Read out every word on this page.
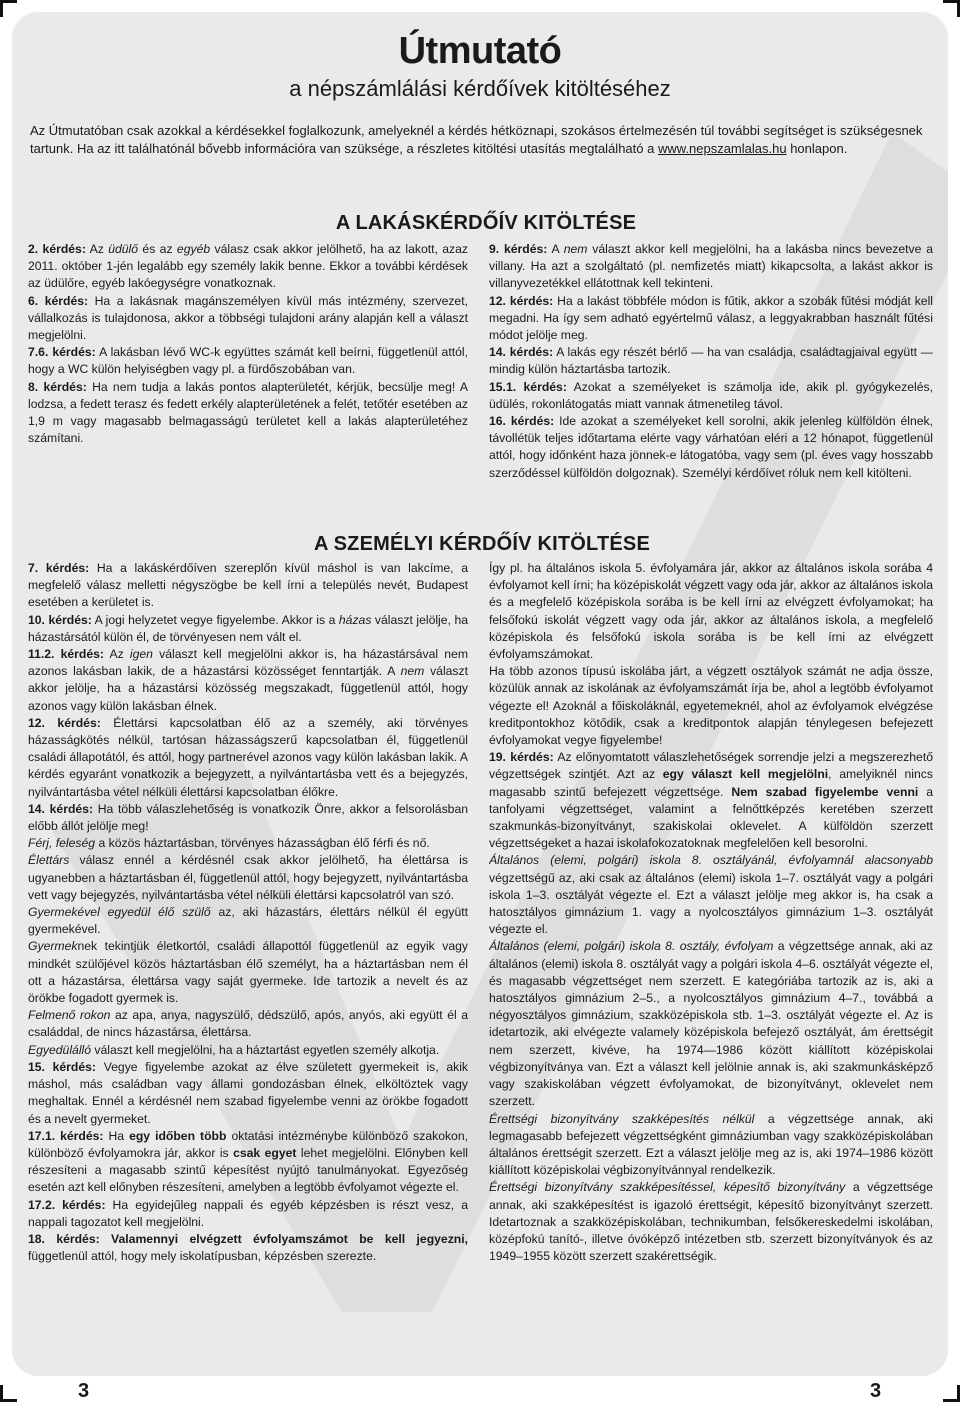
Útmutató
a népszámlálási kérdőívek kitöltéséhez
Az Útmutatóban csak azokkal a kérdésekkel foglalkozunk, amelyeknél a kérdés hétköznapi, szokásos értelmezésén túl további segítséget is szükségesnek tartunk. Ha az itt találhatónál bővebb információra van szüksége, a részletes kitöltési utasítás megtalálható a www.nepszamlalas.hu honlapon.
A LAKÁSKÉRDŐÍV KITÖLTÉSE

2. kérdés: Az üdülő és az egyéb válasz csak akkor jelölhető, ha az lakott, azaz 2011. október 1-jén legalább egy személy lakik benne. Ekkor a további kérdések az üdülőre, egyéb lakóegységre vonatkoznak.

6. kérdés: Ha a lakásnak magánszemélyen kívül más intézmény, szervezet, vállalkozás is tulajdonosa, akkor a többségi tulajdoni arány alapján kell a választ megjelölni.

7.6. kérdés: A lakásban lévő WC-k együttes számát kell beírni, függetlenül attól, hogy a WC külön helyiségben vagy pl. a fürdőszobában van.

8. kérdés: Ha nem tudja a lakás pontos alapterületét, kérjük, becsülje meg! A lodzsa, a fedett terasz és fedett erkély alapterületének a felét, tetőtér esetében az 1,9 m vagy magasabb belmagasságú területet kell a lakás alapterületéhez számítani.

9. kérdés: A nem választ akkor kell megjelölni, ha a lakásba nincs bevezetve a villany. Ha azt a szolgáltató (pl. nemfizetés miatt) kikapcsolta, a lakást akkor is villanyvezetékkel ellátottnak kell tekinteni.

12. kérdés: Ha a lakást többféle módon is fűtik, akkor a szobák fűtési módját kell megadni. Ha így sem adható egyértelmű válasz, a leggyakrabban használt fűtési módot jelölje meg.

14. kérdés: A lakás egy részét bérlő — ha van családja, családtagjaival együtt — mindig külön háztartásba tartozik.

15.1. kérdés: Azokat a személyeket is számolja ide, akik pl. gyógykezelés, üdülés, rokonlátogatás miatt vannak átmenetileg távol.

16. kérdés: Ide azokat a személyeket kell sorolni, akik jelenleg külföldön élnek, távollétük teljes időtartama elérte vagy várhatóan eléri a 12 hónapot, függetlenül attól, hogy időnként haza jönnek-e látogatóba, vagy sem (pl. éves vagy hosszabb szerződéssel külföldön dolgoznak). Személyi kérdőívet róluk nem kell kitölteni.

A SZEMÉLYI KÉRDŐÍV KITÖLTÉSE

7. kérdés: Ha a lakáskérdőíven szereplőn kívül máshol is van lakcíme, a megfelelő válasz melletti négyszögbe be kell írni a település nevét, Budapest esetében a kerületet is.

10. kérdés: A jogi helyzetet vegye figyelembe. Akkor is a házas választ jelölje, ha házastársától külön él, de törvényesen nem vált el.

11.2. kérdés: Az igen választ kell megjelölni akkor is, ha házastársával nem azonos lakásban lakik, de a házastársi közösséget fenntartják. A nem választ akkor jelölje, ha a házastársi közösség megszakadt, függetlenül attól, hogy azonos vagy külön lakásban élnek.

12. kérdés: Élettársi kapcsolatban élő az a személy, aki törvényes házasságkötés nélkül, tartósan házasságszerű kapcsolatban él, függetlenül családi állapotától, és attól, hogy partnerével azonos vagy külön lakásban lakik. A kérdés egyaránt vonatkozik a bejegyzett, a nyilvántartásba vett és a bejegyzés, nyilvántartásba vétel nélküli élettársi kapcsolatban élőkre.

14. kérdés: Ha több válaszlehetőség is vonatkozik Önre, akkor a felsorolásban előbb állót jelölje meg!

Férj, feleség a közös háztartásban, törvényes házasságban élő férfi és nő.

Élettárs válasz ennél a kérdésnél csak akkor jelölhető, ha élettársa is ugyanebben a háztartásban él, függetlenül attól, hogy bejegyzett, nyilvántartásba vett vagy bejegyzés, nyilvántartásba vétel nélküli élettársi kapcsolatról van szó.

Gyermekével egyedül élő szülő az, aki házastárs, élettárs nélkül él együtt gyermekével.

Gyermeknek tekintjük életkortól, családi állapottól függetlenül az egyik vagy mindkét szülőjével közös háztartásban élő személyt, ha a háztartásban nem él ott a házastársa, élettársa vagy saját gyermeke. Ide tartozik a nevelt és az örökbe fogadott gyermek is.

Felmenő rokon az apa, anya, nagyszülő, dédszülő, após, anyós, aki együtt él a családdal, de nincs házastársa, élettársa.

Egyedülálló választ kell megjelölni, ha a háztartást egyetlen személy alkotja.

15. kérdés: Vegye figyelembe azokat az élve született gyermekeit is, akik máshol, más családban vagy állami gondozásban élnek, elköltöztek vagy meghaltak. Ennél a kérdésnél nem szabad figyelembe venni az örökbe fogadott és a nevelt gyermeket.

17.1. kérdés: Ha egy időben több oktatási intézménybe különböző szakokon, különböző évfolyamokra jár, akkor is csak egyet lehet megjelölni. Előnyben kell részesíteni a magasabb szintű képesítést nyújtó tanulmányokat. Egyezőség esetén azt kell előnyben részesíteni, amelyben a legtöbb évfolyamot végezte el.

17.2. kérdés: Ha egyidejűleg nappali és egyéb képzésben is részt vesz, a nappali tagozatot kell megjelölni.

18. kérdés: Valamennyi elvégzett évfolyamszámot be kell jegyezni, függetlenül attól, hogy mely iskolatípusban, képzésben szerezte.

Így pl. ha általános iskola 5. évfolyamára jár, akkor az általános iskola sorába 4 évfolyamot kell írni; ha középiskolát végzett vagy oda jár, akkor az általános iskola és a megfelelő középiskola sorába is be kell írni az elvégzett évfolyamokat; ha felsőfokú iskolát végzett vagy oda jár, akkor az általános iskola, a megfelelő középiskola és felsőfokú iskola sorába is be kell írni az elvégzett évfolyamszámokat.

Ha több azonos típusú iskolába járt, a végzett osztályok számát ne adja össze, közülük annak az iskolának az évfolyamszámát írja be, ahol a legtöbb évfolyamot végezte el! Azoknál a főiskoláknál, egyetemeknél, ahol az évfolyamok elvégzése kreditpontokhoz kötődik, csak a kreditpontok alapján ténylegesen befejezett évfolyamokat vegye figyelembe!

19. kérdés: Az előnyomtatott válaszlehetőségek sorrendje jelzi a megszerezhető végzettségek szintjét. Azt az egy választ kell megjelölni, amelyiknél nincs magasabb szintű befejezett végzettsége. Nem szabad figyelembe venni a tanfolyami végzettséget, valamint a felnőttképzés keretében szerzett szakmunkás-bizonyítványt, szakiskolai oklevelet. A külföldön szerzett végzettségeket a hazai iskolafokozatoknak megfelelően kell besorolni.

Általános (elemi, polgári) iskola 8. osztályánál, évfolyamnál alacsonyabb végzettségű az, aki csak az általános (elemi) iskola 1–7. osztályát vagy a polgári iskola 1–3. osztályát végezte el. Ezt a választ jelölje meg akkor is, ha csak a hatosztályos gimnázium 1. vagy a nyolcosztályos gimnázium 1–3. osztályát végezte el.

Általános (elemi, polgári) iskola 8. osztály, évfolyam a végzettsége annak, aki az általános (elemi) iskola 8. osztályát vagy a polgári iskola 4–6. osztályát végezte el, és magasabb végzettséget nem szerzett. E kategóriába tartozik az is, aki a hatosztályos gimnázium 2–5., a nyolcosztályos gimnázium 4–7., továbbá a négyosztályos gimnázium, szakközépiskola stb. 1–3. osztályát végezte el. Az is idetartozik, aki elvégezte valamely középiskola befejező osztályát, ám érettségit nem szerzett, kivéve, ha 1974—1986 között kiállított középiskolai végbizonyítványa van. Ezt a választ kell jelölnie annak is, aki szakmunkásképző vagy szakiskolában végzett évfolyamokat, de bizonyítványt, oklevelet nem szerzett.

Érettségi bizonyítvány szakképesítés nélkül a végzettsége annak, aki legmagasabb befejezett végzettségként gimnáziumban vagy szakközépiskolában általános érettségit szerzett. Ezt a választ jelölje meg az is, aki 1974–1986 között kiállított középiskolai végbizonyítvánnyal rendelkezik.

Érettségi bizonyítvány szakképesítéssel, képesítő bizonyítvány a végzettsége annak, aki szakképesítést is igazoló érettségit, képesítő bizonyítványt szerzett. Idetartoznak a szakközépiskolában, technikumban, felsőkereskedelmi iskolában, középfokú tanító-, illetve óvóképző intézetben stb. szerzett bizonyítványok és az 1949–1955 között szerzett szakérettségik.

3	3
